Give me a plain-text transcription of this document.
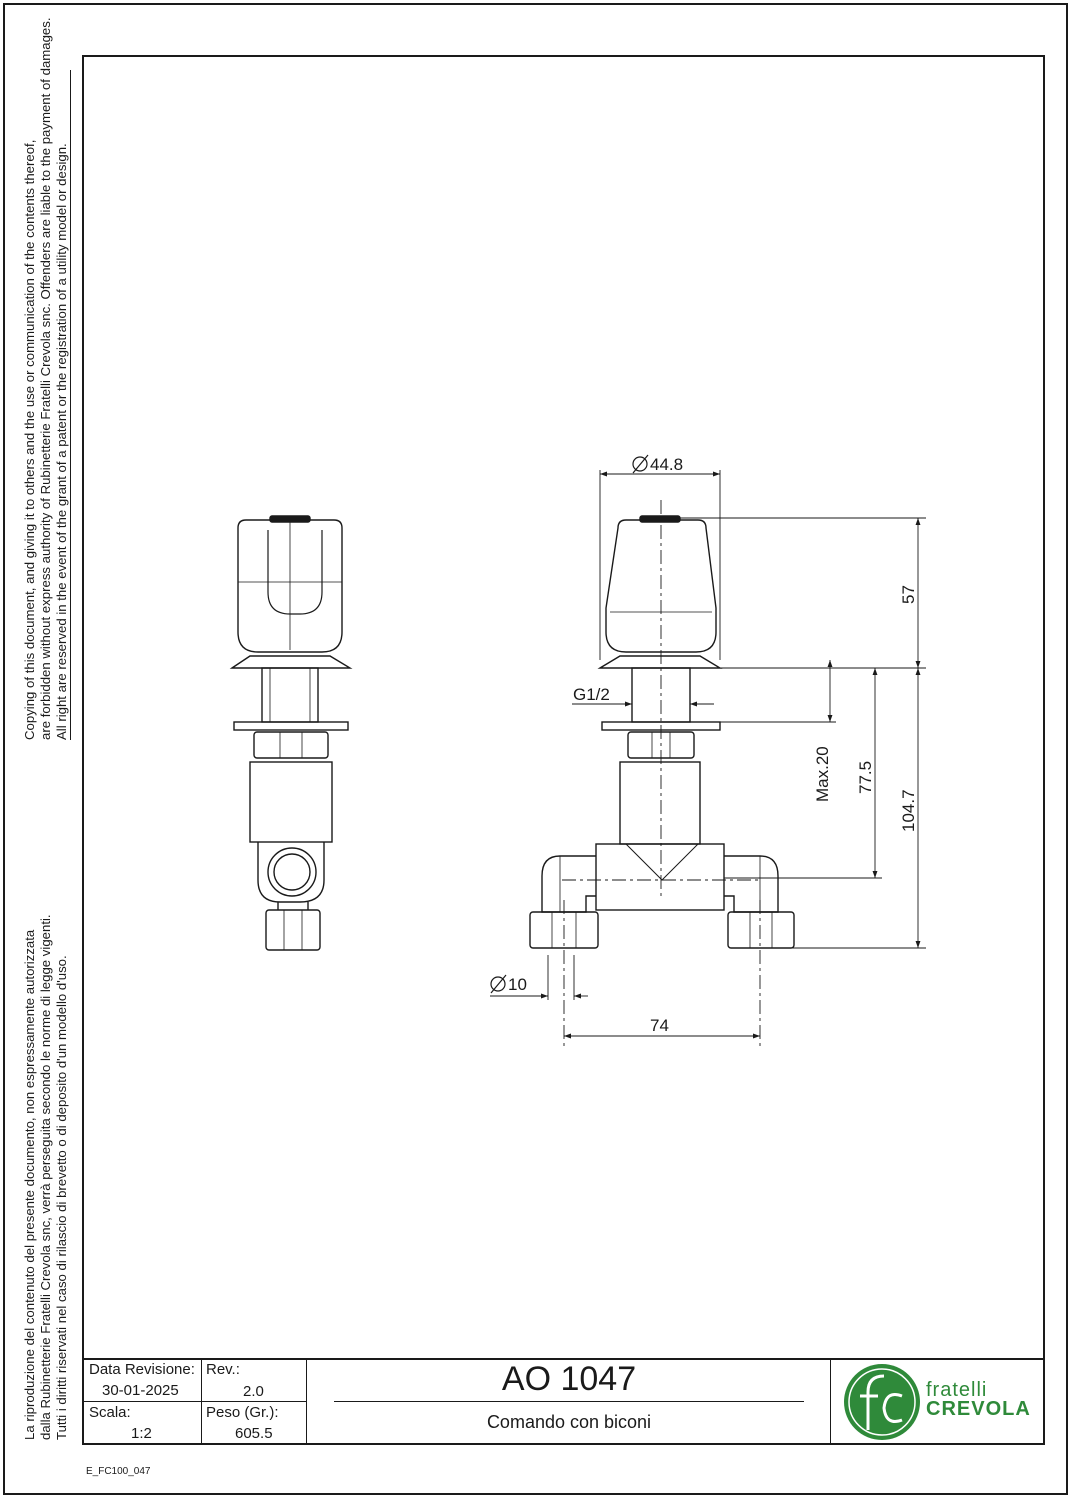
Copying of this document, and giving it to others and the use or communication of the contents thereof, are forbidden without express authority of Rubinetterie Fratelli Crevola snc. Offenders are liable to the payment of damages. All right are reserved in the event of the grant of a patent or the registration of a utility model or design.
La riproduzione del contenuto del presente documento, non espressamente autorizzata dalla Rubinetterie Fratelli Crevola snc, verrà perseguita secondo le norme di legge vigenti. Tutti i diritti riservati nel caso di rilascio di brevetto o di deposito d'un modello d'uso.
44.8
G1/2
10
74
57
Max.20 77.5
104.7
Data Revisione:
30-01-2025
Rev.:
2.0
Scala:
1:2
Peso (Gr.):
605.5
AO 1047
Comando con biconi
fratelli
CREVOLA
E_FC100_047
